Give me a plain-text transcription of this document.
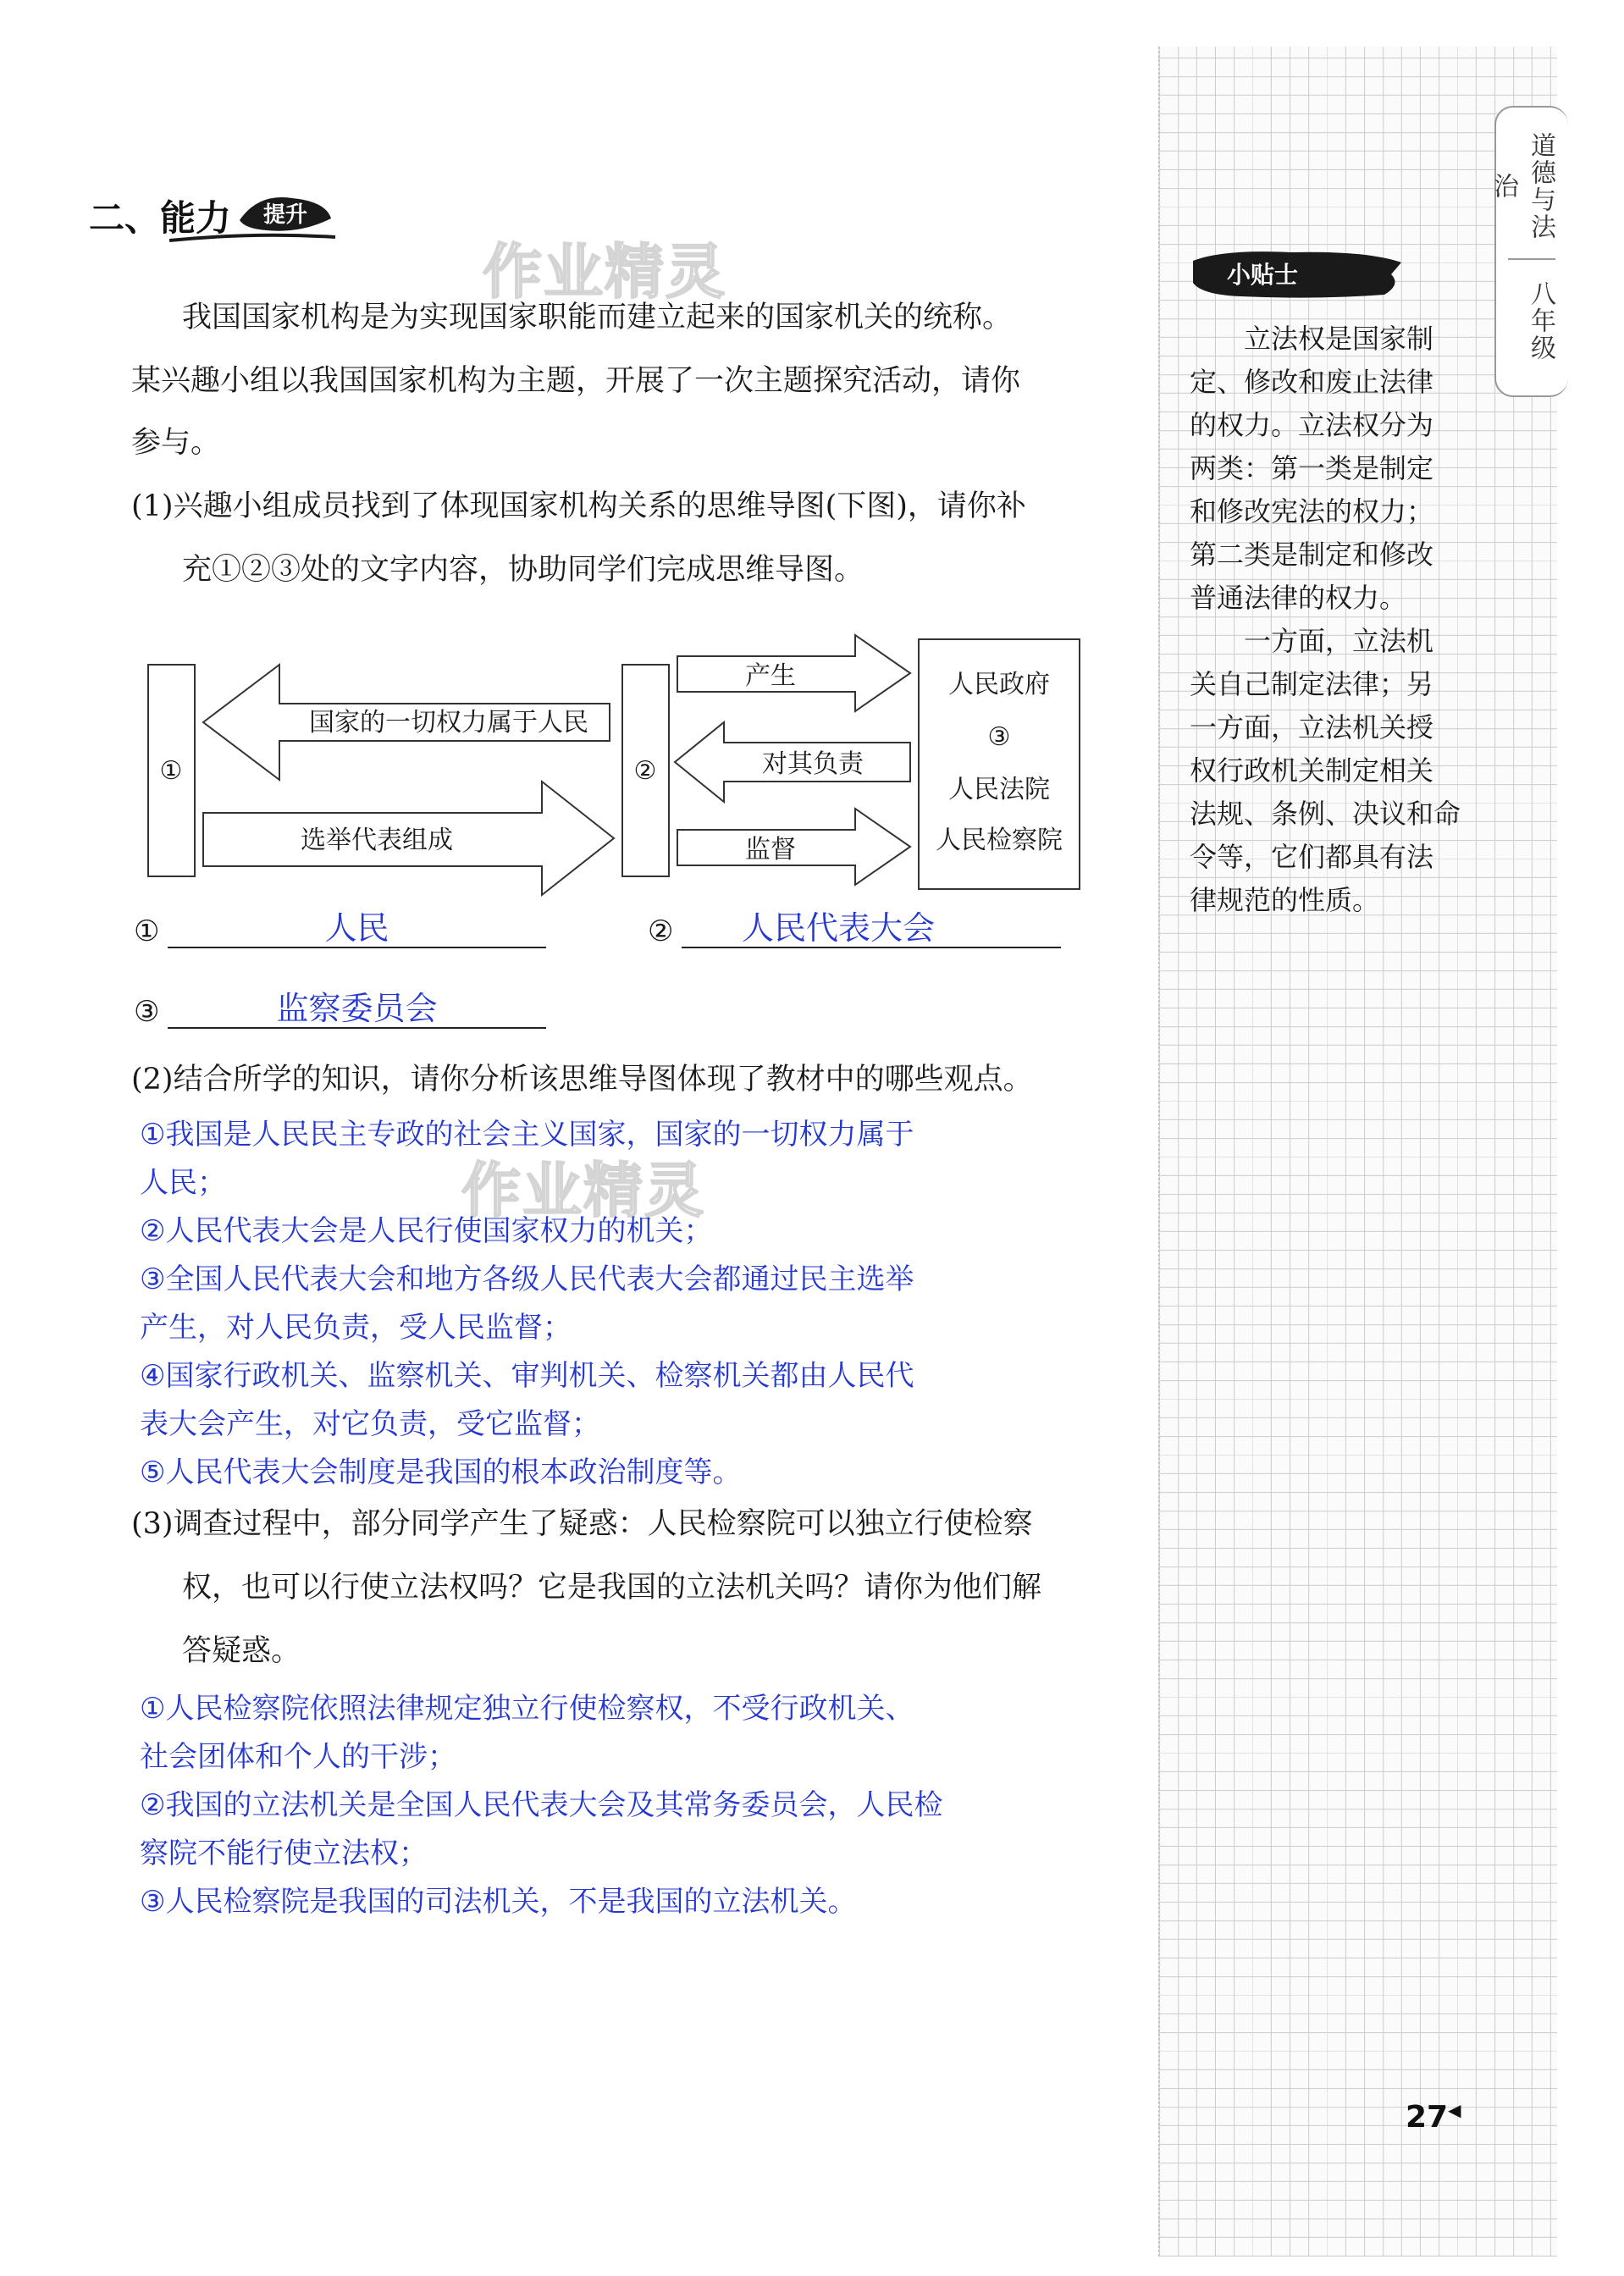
二、能力 提升
作业精灵
作业精灵
我国国家机构是为实现国家职能而建立起来的国家机关的统称。
某兴趣小组以我国国家机构为主题，开展了一次主题探究活动，请你
参与。
(1)兴趣小组成员找到了体现国家机构关系的思维导图(下图)，请你补
充①②③处的文字内容，协助同学们完成思维导图。
①	②
人民政府
③
人民法院
人民检察院
国家的一切权力属于人民
选举代表组成
产生
对其负责
监督
①	人民	②	人民代表大会
③	监察委员会
(2)结合所学的知识，请你分析该思维导图体现了教材中的哪些观点。
①我国是人民民主专政的社会主义国家，国家的一切权力属于
人民；
②人民代表大会是人民行使国家权力的机关；
③全国人民代表大会和地方各级人民代表大会都通过民主选举
产生，对人民负责，受人民监督；
④国家行政机关、监察机关、审判机关、检察机关都由人民代
表大会产生，对它负责，受它监督；
⑤人民代表大会制度是我国的根本政治制度等。
(3)调查过程中，部分同学产生了疑惑：人民检察院可以独立行使检察
权，也可以行使立法权吗？它是我国的立法机关吗？请你为他们解
答疑惑。
①人民检察院依照法律规定独立行使检察权，不受行政机关、
社会团体和个人的干涉；
②我国的立法机关是全国人民代表大会及其常务委员会，人民检
察院不能行使立法权；
③人民检察院是我国的司法机关，不是我国的立法机关。
道德与法治
八年级
小贴士
立法权是国家制
定、修改和废止法律
的权力。立法权分为
两类：第一类是制定
和修改宪法的权力；
第二类是制定和修改
普通法律的权力。
一方面，立法机
关自己制定法律；另
一方面，立法机关授
权行政机关制定相关
法规、条例、决议和命
令等，它们都具有法
律规范的性质。
27◀
